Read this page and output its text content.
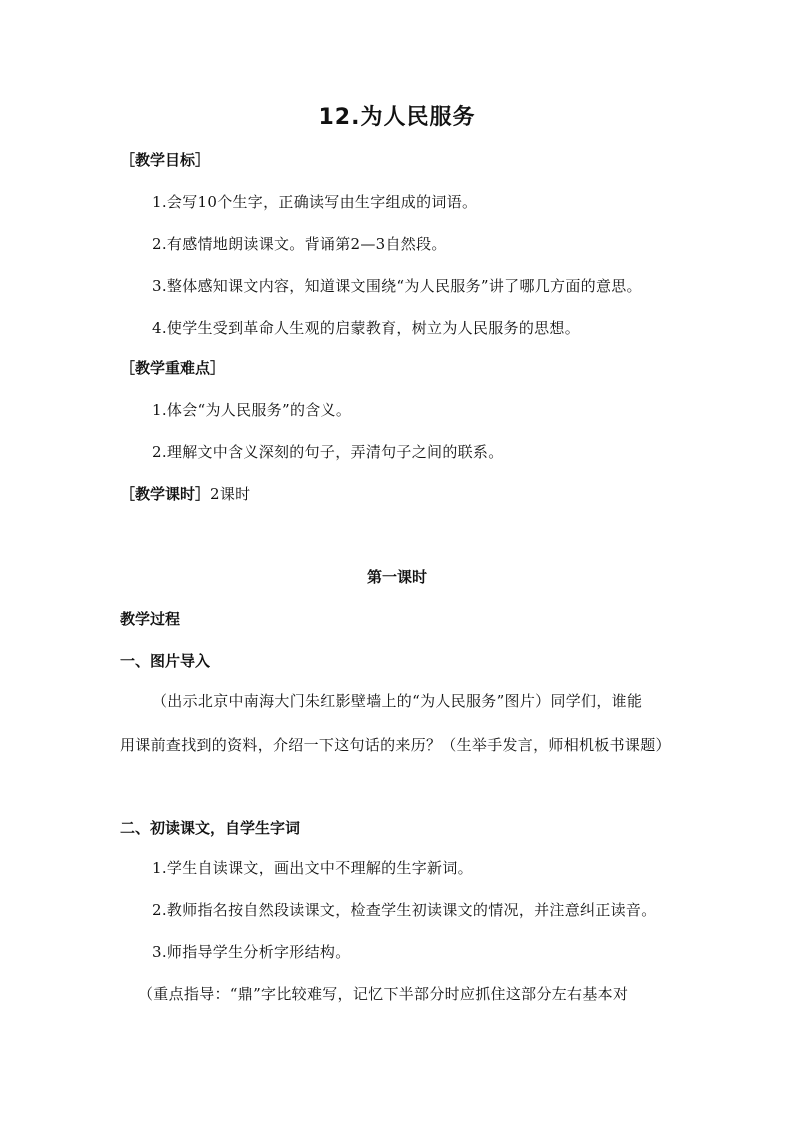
12.为人民服务
［教学目标］
1.会写10个生字，正确读写由生字组成的词语。
2.有感情地朗读课文。背诵第2—3自然段。
3.整体感知课文内容，知道课文围绕“为人民服务”讲了哪几方面的意思。
4.使学生受到革命人生观的启蒙教育，树立为人民服务的思想。
［教学重难点］
1.体会“为人民服务”的含义。
2.理解文中含义深刻的句子，弄清句子之间的联系。
［教学课时］2课时
第一课时
教学过程
一、图片导入
（出示北京中南海大门朱红影壁墙上的“为人民服务”图片）同学们，谁能
用课前查找到的资料，介绍一下这句话的来历？（生举手发言，师相机板书课题）
二、初读课文，自学生字词
1.学生自读课文，画出文中不理解的生字新词。
2.教师指名按自然段读课文，检查学生初读课文的情况，并注意纠正读音。
3.师指导学生分析字形结构。
（重点指导：“鼎”字比较难写，记忆下半部分时应抓住这部分左右基本对
